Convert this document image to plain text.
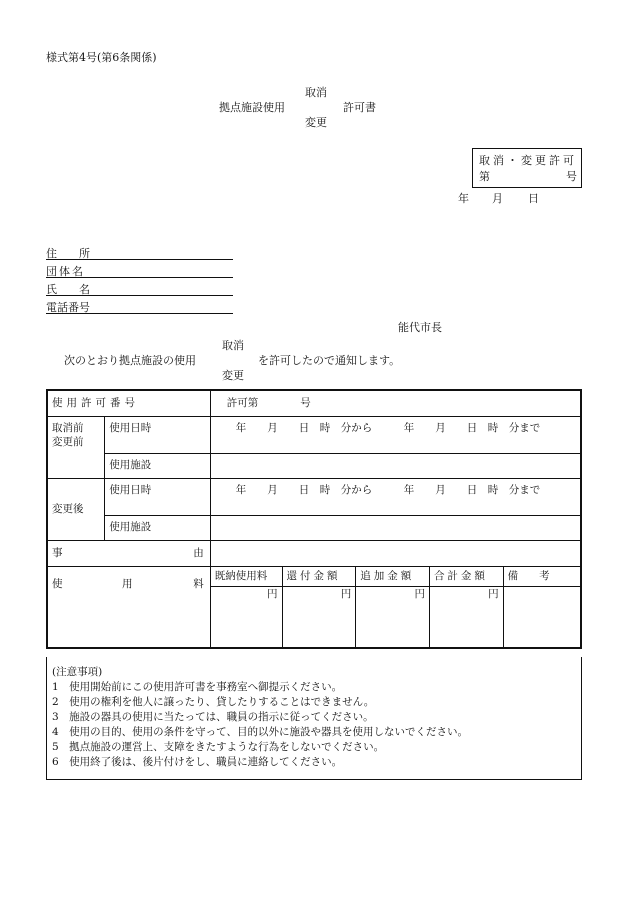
様式第4号(第6条関係)
取消
拠点施設使用	許可書
変更
取消・変更許可
第	号
年 月 日
住　　所
団体名
氏　　名
電話番号
能代市長
取消
次のとおり拠点施設の使用	を許可したので通知します。
変更
使用許可番号		許可第　　　　号				
取消前
変更前	使用日時	　　年　　月　　日　時　分から　　　年　　月　　日　時　分まで				
	使用施設					
変更後	使用日時	　　年　　月　　日　時　分から　　　年　　月　　日　時　分まで				
	使用施設					
事 由						

使 用 料		既納使用料	還付金額	追加金額	合計金額	備　　考
		円	円	円	円	
(注意事項)
1　使用開始前にこの使用許可書を事務室へ御提示ください。
2　使用の権利を他人に譲ったり、貸したりすることはできません。
3　施設の器具の使用に当たっては、職員の指示に従ってください。
4　使用の目的、使用の条件を守って、目的以外に施設や器具を使用しないでください。
5　拠点施設の運営上、支障をきたすような行為をしないでください。
6　使用終了後は、後片付けをし、職員に連絡してください。
